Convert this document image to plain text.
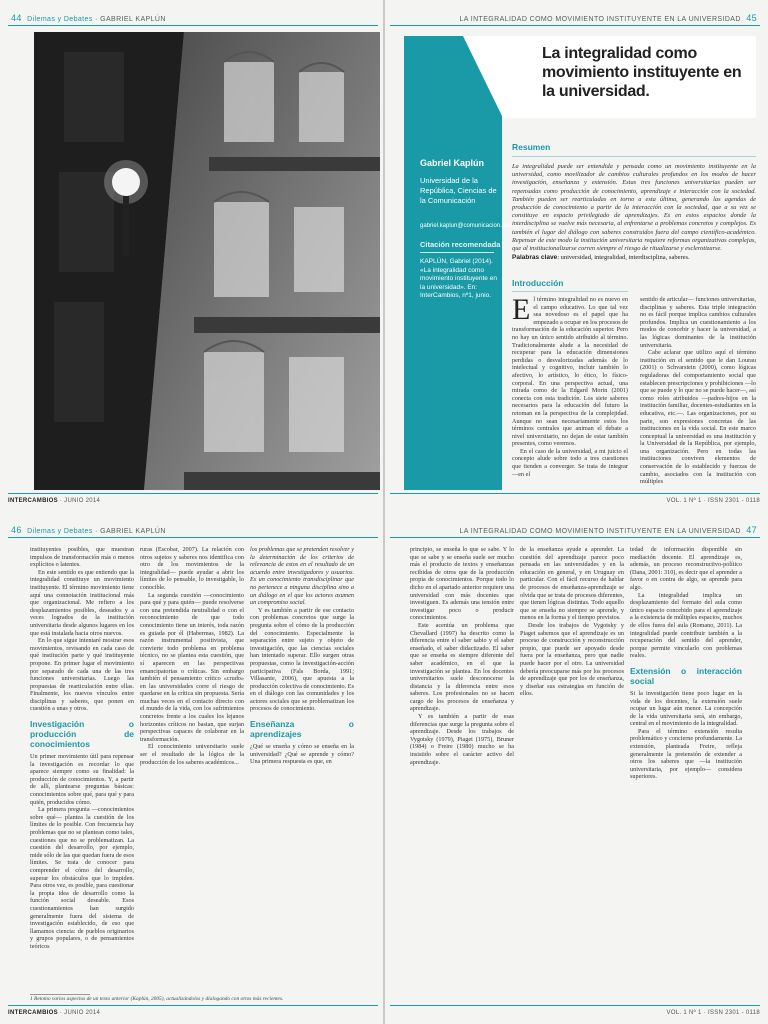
44 Dilemas y Debates · GABRIEL KAPLÚN	LA INTEGRALIDAD COMO MOVIMIENTO INSTITUYENTE EN LA UNIVERSIDAD 45
La integralidad como movimiento instituyente en la universidad.
Gabriel Kaplún
Universidad de la República, Ciencias de la Comunicación
gabriel.kaplun@comunicacion.edu.uy
Citación recomendada
KAPLÚN, Gabriel (2014). «La integralidad como movimiento instituyente en la universidad». En: InterCambios, nº1, junio.
Resumen
La integralidad puede ser entendida y pensada como un movimiento instituyente en la universidad, como movilizador de cambios culturales profundos en los modos de hacer investigación, enseñanza y extensión. Estas tres funciones universitarias pueden ser repensadas como producción de conocimiento, aprendizaje e interacción con la sociedad. También pueden ser rearticuladas en torno a esta última, generando las agendas de producción de conocimiento a partir de la interacción con la sociedad, que a su vez se constituye en espacio privilegiado de aprendizajes. Es en estos espacios donde la interdisciplina se vuelve más necesaria, al enfrentarse a problemas concretos y complejos. Es también el lugar del diálogo con saberes construidos fuera del campo científico-académico. Repensar de este modo la institución universitaria requiere reformas organizativas complejas, que al institucionalizarse corren siempre el riesgo de ritualizarse y esclerotizarse.
Palabras clave: universidad, integralidad, interdisciplina, saberes.
Introducción

El término integralidad no es nuevo en el campo educativo. Lo que tal vez sea novedoso es el papel que ha empezado a ocupar en los procesos de transformación de la educación superior. Pero no hay un único sentido atribuido al término. Tradicionalmente alude a la necesidad de recuperar para la educación dimensiones perdidas o desvalorizadas además de lo intelectual y cognitivo, incluir también lo afectivo, lo artístico, lo ético, lo físico-corporal. En una perspectiva actual, una mirada como de la Edgard Morin (2001) conecta con esta tradición. Los siete saberes necesarios para la educación del futuro la retoman en la perspectiva de la complejidad. Aunque no sean necesariamente estos los términos centrales que animan el debate a nivel universitario, no dejan de estar también presentes, como veremos.

En el caso de la universidad, a mi juicio el concepto alude sobre todo a tres cuestiones que tienden a converger. Se trata de integrar —en el

sentido de articular— funciones universitarias, disciplinas y saberes. Esta triple integración no es fácil porque implica cambios culturales profundos. Implica un cuestionamiento a los modos de concebir y hacer la universidad, a las lógicas dominantes de la institución universitaria.

Cabe aclarar que utilizo aquí el término institución en el sentido que le dan Lourau (2001) o Schvarstein (2000), como lógicas reguladoras del comportamiento social que establecen prescripciones y prohibiciones —lo que se puede y lo que no se puede hacer—, así como roles atribuidos —padres-hijos en la institución familiar, docentes-estudiantes en la educativa, etc.—. Las organizaciones, por su parte, son expresiones concretas de las instituciones en la vida social. En este marco conceptual la universidad es una institución y la Universidad de la República, por ejemplo, una organización. Pero en todas las instituciones conviven elementos de conservación de lo establecido y fuerzas de cambio, asociados con la institución con múltiples

INTERCAMBIOS · JUNIO 2014	VOL. 1 Nº 1 · ISSN 2301 - 0118
46 Dilemas y Debates · GABRIEL KAPLÚN	LA INTEGRALIDAD COMO MOVIMIENTO INSTITUYENTE EN LA UNIVERSIDAD 47

instituyentes posibles, que muestran impulsos de transformación más o menos explícitos o latentes.

En este sentido es que entiendo que la integralidad constituye un movimiento instituyente. El término movimiento tiene aquí una connotación institucional más que organizacional. Me refiero a los desplazamientos posibles, deseados y a veces logrados de la institución universitaria desde algunos lugares en los que está instalada hacia otros nuevos.

En lo que sigue intentaré mostrar esos movimientos, revisando en cada caso de qué institución parte y qué instituyente propone. En primer lugar el movimiento por separado de cada una de las tres funciones universitarias. Luego las propuestas de rearticulación entre ellas. Finalmente, los nuevos vínculos entre disciplinas y saberes, que ponen en cuestión a unas y otros.

Investigación o producción de conocimientos

Un primer movimiento útil para repensar la investigación es recordar lo que aparece siempre como su finalidad: la producción de conocimientos. Y, a partir de allí, plantearse preguntas básicas: conocimientos sobre qué, para qué y para quién, producidos cómo.

La primera pregunta —conocimientos sobre qué— plantea la cuestión de los límites de lo posible. Con frecuencia hay problemas que no se plantean como tales, cuestiones que no se problematizan. La cuestión del desarrollo, por ejemplo, mide sólo de las que quedan fuera de esos límites. Se trata de conocer para comprender el cómo del desarrollo, superar los obstáculos que lo impiden. Para otros vez, es posible, para cuestionar la propia idea de desarrollo como la función social deseable. Esos cuestionamientos han surgido generalmente fuera del sistema de investigación establecido, de eso que llamamos ciencia: de pueblos originarios y grupos populares, o de pensamientos teóricos

ruras (Escobar, 2007). La relación con otros sujetos y saberes nos identifica con otro de los movimientos de la integralidad— puede ayudar a abrir los límites de lo pensable, lo investigable, lo conocible.

La segunda cuestión —conocimiento para qué y para quién— puede resolverse con una pretendida neutralidad o con el reconocimiento de que todo conocimiento tiene un interés, toda razón es guiada por él (Habermas, 1982). La razón instrumental positivista, que convierte todo problema en problema técnico, no se plantea esta cuestión, que sí aparecen en las perspectivas emancipatorias o críticas. Sin embargo también el pensamiento crítico «crudo» en las universidades corre el riesgo de quedarse en la crítica sin propuesta. Sería muchas veces en el contacto directo con el mundo de la vida, con los sufrimientos concretos frente a los cuales los lejanos horizontes críticos no bastan, que surjan perspectivas capaces de colaborar en la transformación.

El conocimiento universitario suele ser el resultado de la lógica de la producción de los saberes académicos...

los problemas que se pretenden resolver y la determinación de los criterios de relevancia de estos en el resultado de un acuerdo entre investigadores y usuarios. Es un conocimiento transdisciplinar que no pertenece a ninguna disciplina sino a un diálogo en el que los actores asumen un compromiso social.

Y es también a partir de ese contacto con problemas concretos que surge la pregunta sobre el cómo de la producción del conocimiento. Especialmente la separación entre sujeto y objeto de investigación, que las ciencias sociales han intentado superar. Ello surgen otras propuestas, como la investigación-acción participativa (Fals Borda, 1991; Villasante, 2006), que apuesta a la producción colectiva de conocimiento. Es en el diálogo con las comunidades y los actores sociales que se problematizan los procesos de conocimiento.

Enseñanza o aprendizajes

¿Qué se enseña y cómo se enseña en la universidad? ¿Qué se aprende y cómo? Una primera respuesta es que, en

1 Retomo varios aspectos de un texto anterior (Kaplún, 2005), actualizándolos y dialogando con otros más recientes.

principio, se enseña lo que se sabe. Y lo que se sabe y se enseña suele ser mucho más el producto de textos y enseñanzas recibidas de otros que de la producción propia de conocimientos. Porque todo lo dicho en el apartado anterior requiere una universidad con más docentes que investiguen. Es además una tensión entre investigar poco o producir conocimientos.

Este acentúa un problema que Chevallard (1997) ha descrito como la diferencia entre el saber sabio y el saber enseñado, el saber didactizado. El saber que se enseña es siempre diferente del saber académico, en el que la investigación se plantea. En los docentes universitarios suele desconocerse la distancia y la diferencia entre esos saberes. Los profesionales no se hacen cargo de los procesos de enseñanza y aprendizaje.

Y es también a partir de esas diferencias que surge la pregunta sobre el aprendizaje. Desde los trabajos de Vygotsky (1979), Piaget (1975), Bruner (1984) o Freire (1980) mucho se ha insistido sobre el carácter activo del aprendizaje.

de la enseñanza ayude a aprender. La cuestión del aprendizaje parece poco pensada en las universidades y en la educación en general, y en Uruguay en particular. Con el fácil recurso de hablar de procesos de enseñanza-aprendizaje se olvida que se trata de procesos diferentes, que tienen lógicas distintas. Todo aquello que se enseña no siempre se aprende, y menos en la forma y el tiempo previstos.

Desde los trabajos de Vygotsky y Piaget sabemos que el aprendizaje es un proceso de construcción y reconstrucción propio, que puede ser apoyado desde fuera por la enseñanza, pero que nadie puede hacer por el otro. La universidad debería preocuparse más por los procesos de aprendizaje que por los de enseñanza, y diseñar sus estrategias en función de ellos.

tedad de información disponible sin mediación docente. El aprendizaje es, además, un proceso reconstructivo-político (Dana, 2001: 310), es decir que el aprender a favor o en contra de algo, se aprende para algo.

La integralidad implica un desplazamiento del formato del aula como único espacio concebido para el aprendizaje a la existencia de múltiples espacios, muchos de ellos fuera del aula (Romano, 2011). La integralidad puede contribuir también a la recuperación del sentido del aprender, porque permite vincularlo con problemas reales.

Extensión o interacción social

Si la investigación tiene poco lugar en la vida de los docentes, la extensión suele ocupar un lugar aún menor. La concepción de la vida universitaria será, sin embargo, central en el movimiento de la integralidad.

Para el término extensión resulta problemático y concierne profundamente. La extensión, planteada Freire, refleja generalmente la pretensión de extender a otros los saberes que —la institución universitaria, por ejemplo— considera superiores.

INTERCAMBIOS · JUNIO 2014	VOL. 1 Nº 1 · ISSN 2301 - 0118
